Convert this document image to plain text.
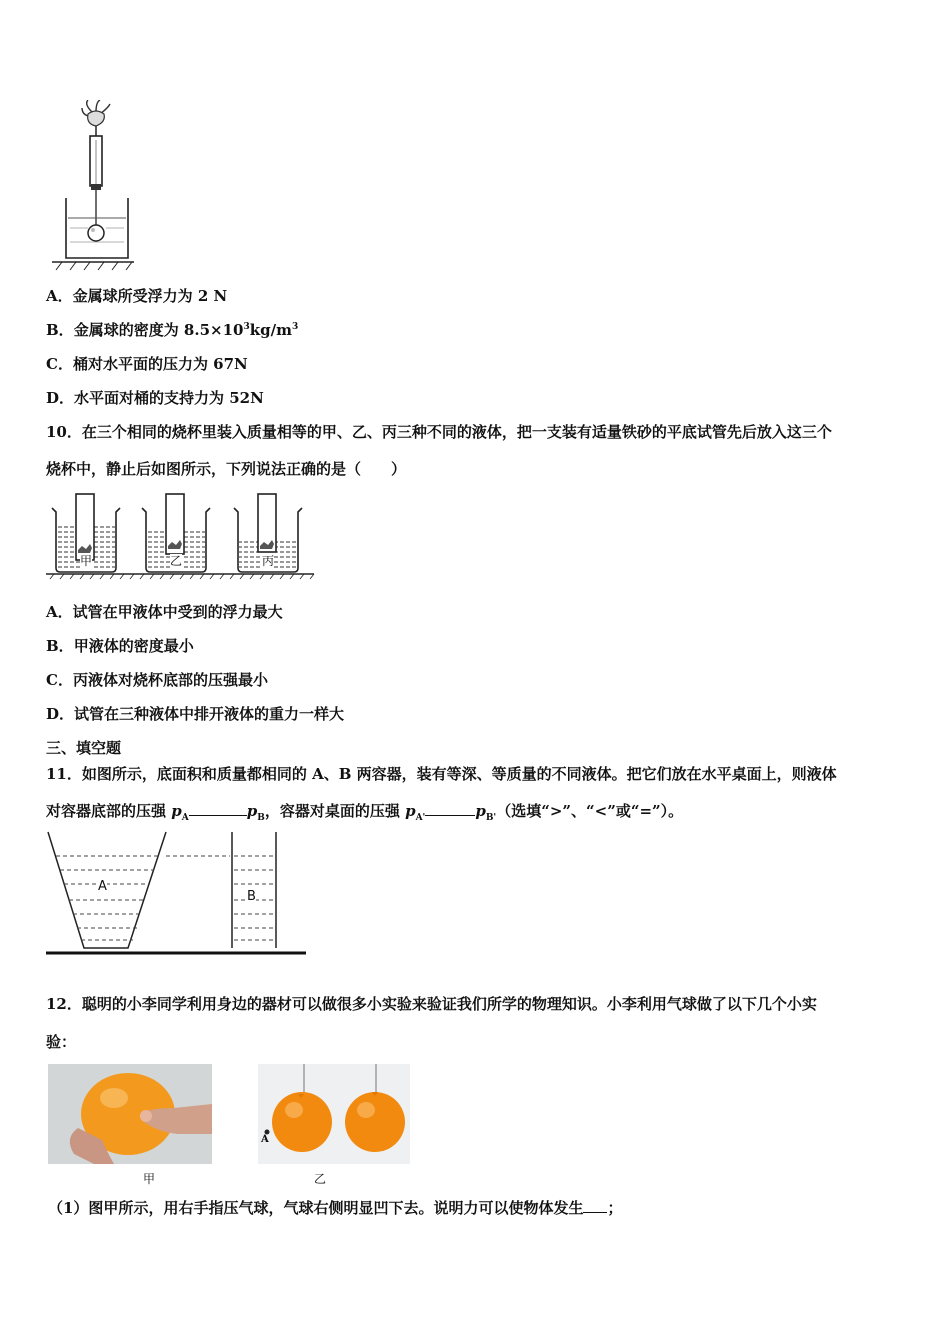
A．金属球所受浮力为 2 N
B．金属球的密度为 $8.5\times 10^3kg/m^3$
C．桶对水平面的压力为 67N
D．水平面对桶的支持力为 52N
10．在三个相同的烧杯里装入质量相等的甲、乙、丙三种不同的液体，把一支装有适量铁砂的平底试管先后放入这三个
烧杯中，静止后如图所示，下列说法正确的是（　　）
甲	乙	丙
A．试管在甲液体中受到的浮力最大
B．甲液体的密度最小
C．丙液体对烧杯底部的压强最小
D．试管在三种液体中排开液体的重力一样大
三、填空题
11．如图所示，底面积和质量都相同的 A、B 两容器，装有等深、等质量的不同液体。把它们放在水平桌面上，则液体
对容器底部的压强 $p_A$	$p_B$，容器对桌面的压强 $p_{A'}$	$p_{B'}$（选填“>”、“<”或“=”）。
A
B
12．聪明的小李同学利用身边的器材可以做很多小实验来验证我们所学的物理知识。小李利用气球做了以下几个小实
验：
甲
A
乙
（1）图甲所示，用右手指压气球，气球右侧明显凹下去。说明力可以使物体发生 ；
